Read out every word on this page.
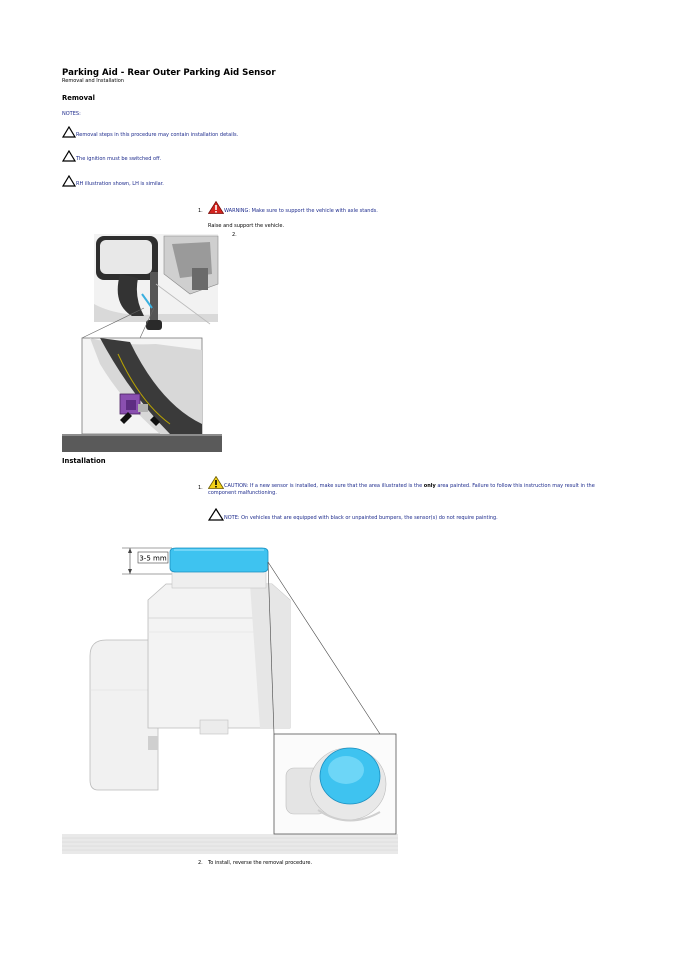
Parking Aid - Rear Outer Parking Aid Sensor
Removal and Installation
Removal
NOTES:
Removal steps in this procedure may contain installation details.
The ignition must be switched off.
RH illustration shown, LH is similar.
1.	WARNING: Make sure to support the vehicle with axle stands.
Raise and support the vehicle.
2.
Installation
1.	CAUTION: If a new sensor is installed, make sure that the area illustrated is the only area painted. Failure to follow this instruction may result in the component malfunctioning.
NOTE: On vehicles that are equipped with black or unpainted bumpers, the sensor(s) do not require painting.
3-5 mm
2. To install, reverse the removal procedure.
